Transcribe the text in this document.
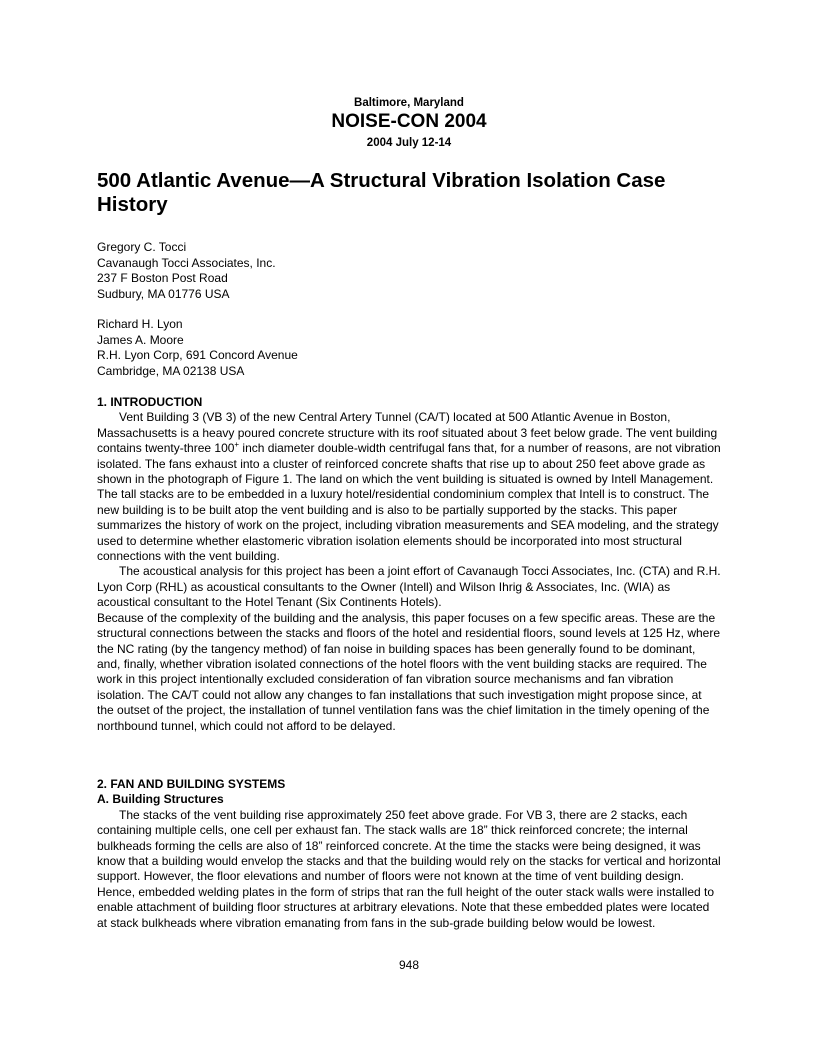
Baltimore, Maryland
NOISE-CON 2004
2004 July 12-14
500 Atlantic Avenue—A Structural Vibration Isolation Case History
Gregory C. Tocci
Cavanaugh Tocci Associates, Inc.
237 F Boston Post Road
Sudbury, MA 01776 USA
Richard H. Lyon
James A. Moore
R.H. Lyon Corp, 691 Concord Avenue
Cambridge, MA 02138 USA
1. INTRODUCTION

Vent Building 3 (VB 3) of the new Central Artery Tunnel (CA/T) located at 500 Atlantic Avenue in Boston, Massachusetts is a heavy poured concrete structure with its roof situated about 3 feet below grade. The vent building contains twenty-three 100+ inch diameter double-width centrifugal fans that, for a number of reasons, are not vibration isolated. The fans exhaust into a cluster of reinforced concrete shafts that rise up to about 250 feet above grade as shown in the photograph of Figure 1. The land on which the vent building is situated is owned by Intell Management. The tall stacks are to be embedded in a luxury hotel/residential condominium complex that Intell is to construct. The new building is to be built atop the vent building and is also to be partially supported by the stacks. This paper summarizes the history of work on the project, including vibration measurements and SEA modeling, and the strategy used to determine whether elastomeric vibration isolation elements should be incorporated into most structural connections with the vent building.

The acoustical analysis for this project has been a joint effort of Cavanaugh Tocci Associates, Inc. (CTA) and R.H. Lyon Corp (RHL) as acoustical consultants to the Owner (Intell) and Wilson Ihrig & Associates, Inc. (WIA) as acoustical consultant to the Hotel Tenant (Six Continents Hotels).

Because of the complexity of the building and the analysis, this paper focuses on a few specific areas. These are the structural connections between the stacks and floors of the hotel and residential floors, sound levels at 125 Hz, where the NC rating (by the tangency method) of fan noise in building spaces has been generally found to be dominant, and, finally, whether vibration isolated connections of the hotel floors with the vent building stacks are required. The work in this project intentionally excluded consideration of fan vibration source mechanisms and fan vibration isolation. The CA/T could not allow any changes to fan installations that such investigation might propose since, at the outset of the project, the installation of tunnel ventilation fans was the chief limitation in the timely opening of the northbound tunnel, which could not afford to be delayed.

2. FAN AND BUILDING SYSTEMS
A. Building Structures

The stacks of the vent building rise approximately 250 feet above grade. For VB 3, there are 2 stacks, each containing multiple cells, one cell per exhaust fan. The stack walls are 18” thick reinforced concrete; the internal bulkheads forming the cells are also of 18” reinforced concrete. At the time the stacks were being designed, it was know that a building would envelop the stacks and that the building would rely on the stacks for vertical and horizontal support. However, the floor elevations and number of floors were not known at the time of vent building design. Hence, embedded welding plates in the form of strips that ran the full height of the outer stack walls were installed to enable attachment of building floor structures at arbitrary elevations. Note that these embedded plates were located at stack bulkheads where vibration emanating from fans in the sub-grade building below would be lowest.

948
